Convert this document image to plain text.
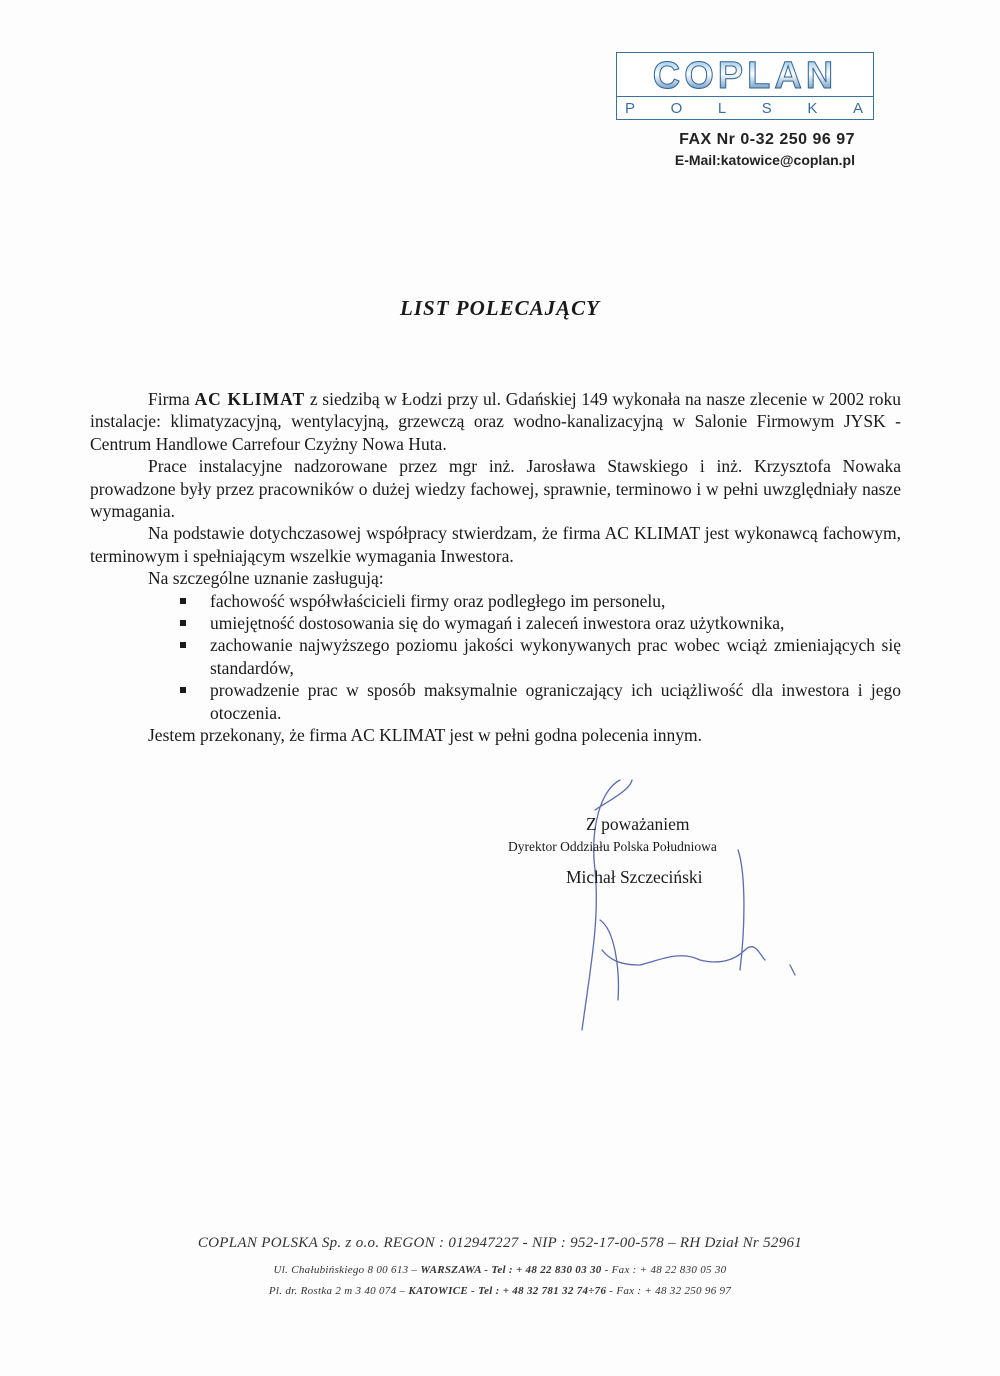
COPLAN
P O L S K A
FAX Nr 0-32 250 96 97
E-Mail:katowice@coplan.pl
LIST POLECAJĄCY

Firma AC KLIMAT z siedzibą w Łodzi przy ul. Gdańskiej 149 wykonała na nasze zlecenie w 2002 roku instalacje: klimatyzacyjną, wentylacyjną, grzewczą oraz wodno-kanalizacyjną w Salonie Firmowym JYSK - Centrum Handlowe Carrefour Czyżny Nowa Huta.

Prace instalacyjne nadzorowane przez mgr inż. Jarosława Stawskiego i inż. Krzysztofa Nowaka prowadzone były przez pracowników o dużej wiedzy fachowej, sprawnie, terminowo i w pełni uwzględniały nasze wymagania.

Na podstawie dotychczasowej współpracy stwierdzam, że firma AC KLIMAT jest wykonawcą fachowym, terminowym i spełniającym wszelkie wymagania Inwestora.

Na szczególne uznanie zasługują:

fachowość współwłaścicieli firmy oraz podległego im personelu,
umiejętność dostosowania się do wymagań i zaleceń inwestora oraz użytkownika,
zachowanie najwyższego poziomu jakości wykonywanych prac wobec wciąż zmieniających się standardów,
prowadzenie prac w sposób maksymalnie ograniczający ich uciążliwość dla inwestora i jego otoczenia.

Jestem przekonany, że firma AC KLIMAT jest w pełni godna polecenia innym.

Z poważaniem
Dyrektor Oddziału Polska Południowa
Michał Szczeciński
COPLAN POLSKA Sp. z o.o. REGON : 012947227 - NIP : 952-17-00-578 – RH Dział Nr 52961
Ul. Chałubińskiego 8 00 613 – WARSZAWA - Tel : + 48 22 830 03 30 - Fax : + 48 22 830 05 30
Pl. dr. Rostka 2 m 3 40 074 – KATOWICE - Tel : + 48 32 781 32 74÷76 - Fax : + 48 32 250 96 97
